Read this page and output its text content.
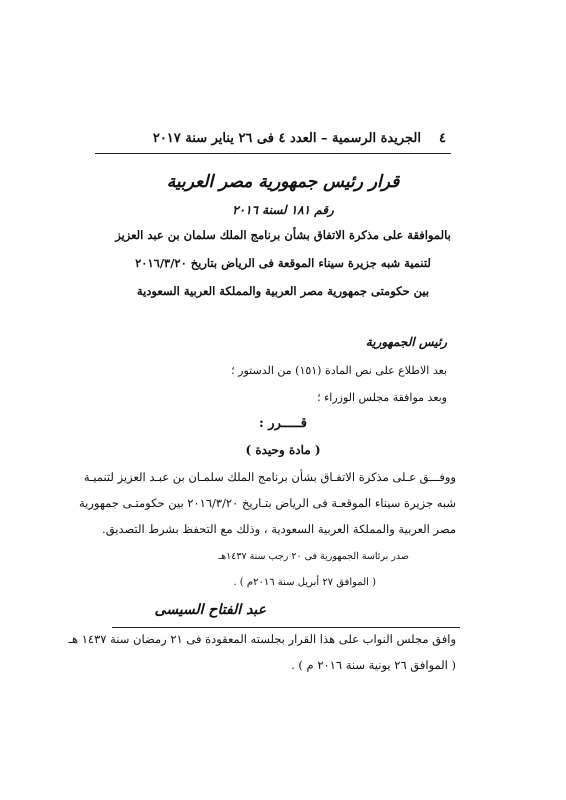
الجريدة الرسمية – العدد ٤ فى ٢٦ يناير سنة ٢٠١٧ ٤
قرار رئيس جمهورية مصر العربية
رقم ١٨١ لسنة ٢٠١٦
بالموافقة على مذكرة الاتفاق بشأن برنامج الملك سلمان بن عبد العزيز
لتنمية شبه جزيرة سيناء الموقعة فى الرياض بتاريخ ٢٠١٦/٣/٢٠
بين حكومتى جمهورية مصر العربية والمملكة العربية السعودية
رئيس الجمهورية
بعد الاطلاع على نص المادة (١٥١) من الدستور ؛
وبعد موافقة مجلس الوزراء ؛
قـــــرر :
( مادة وحيدة )
ووفـــق عـلى مذكرة الاتفـاق بشأن برنامج الملك سلمـان بن عبـد العزيز لتنميـة
شبه جزيرة سيناء الموقعـة فى الرياض بتـاريخ ٢٠١٦/٣/٢٠ بين حكومتـى جمهورية
مصر العربية والمملكة العربية السعودية ، وذلك مع التحفظ بشرط التصديق.
صدر برئاسة الجمهورية فى ٢٠ رجب سنة ١٤٣٧هـ
( الموافق ٢٧ أبريل سنة ٢٠١٦م ) .
عبد الفتاح السيسى
وافق مجلس النواب على هذا القرار بجلسته المعقودة فى ٢١ رمضان سنة ١٤٣٧ هـ
( الموافق ٢٦ يونية سنة ٢٠١٦ م ) .
